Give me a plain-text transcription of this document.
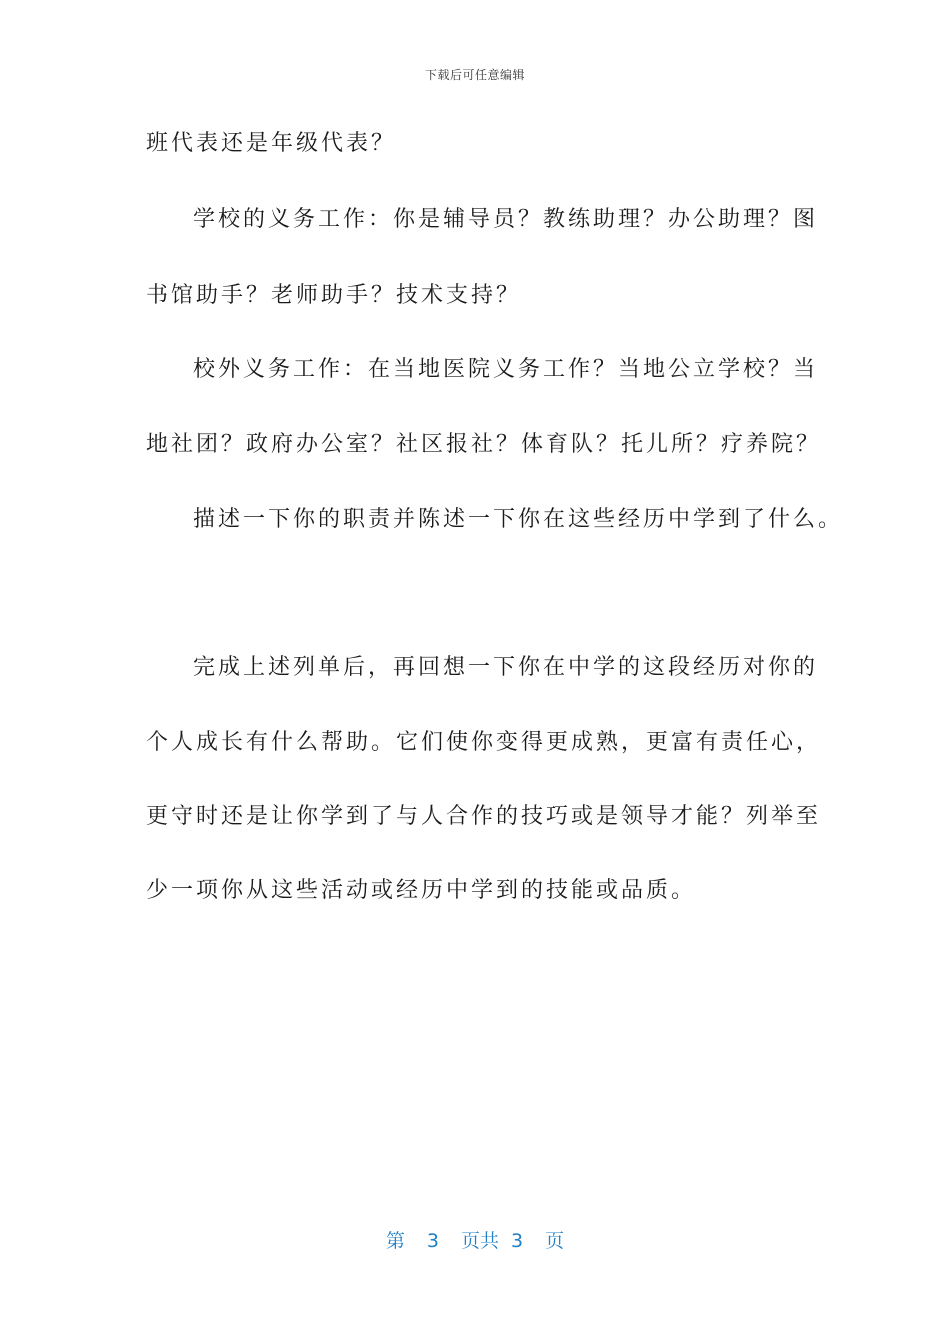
下载后可任意编辑
班代表还是年级代表？
学校的义务工作：你是辅导员？教练助理？办公助理？图
书馆助手？老师助手？技术支持？
校外义务工作：在当地医院义务工作？当地公立学校？当
地社团？政府办公室？社区报社？体育队？托儿所？疗养院？
描述一下你的职责并陈述一下你在这些经历中学到了什么。
完成上述列单后，再回想一下你在中学的这段经历对你的
个人成长有什么帮助。它们使你变得更成熟，更富有责任心，
更守时还是让你学到了与人合作的技巧或是领导才能？列举至
少一项你从这些活动或经历中学到的技能或品质。
第 3 页共 3 页
